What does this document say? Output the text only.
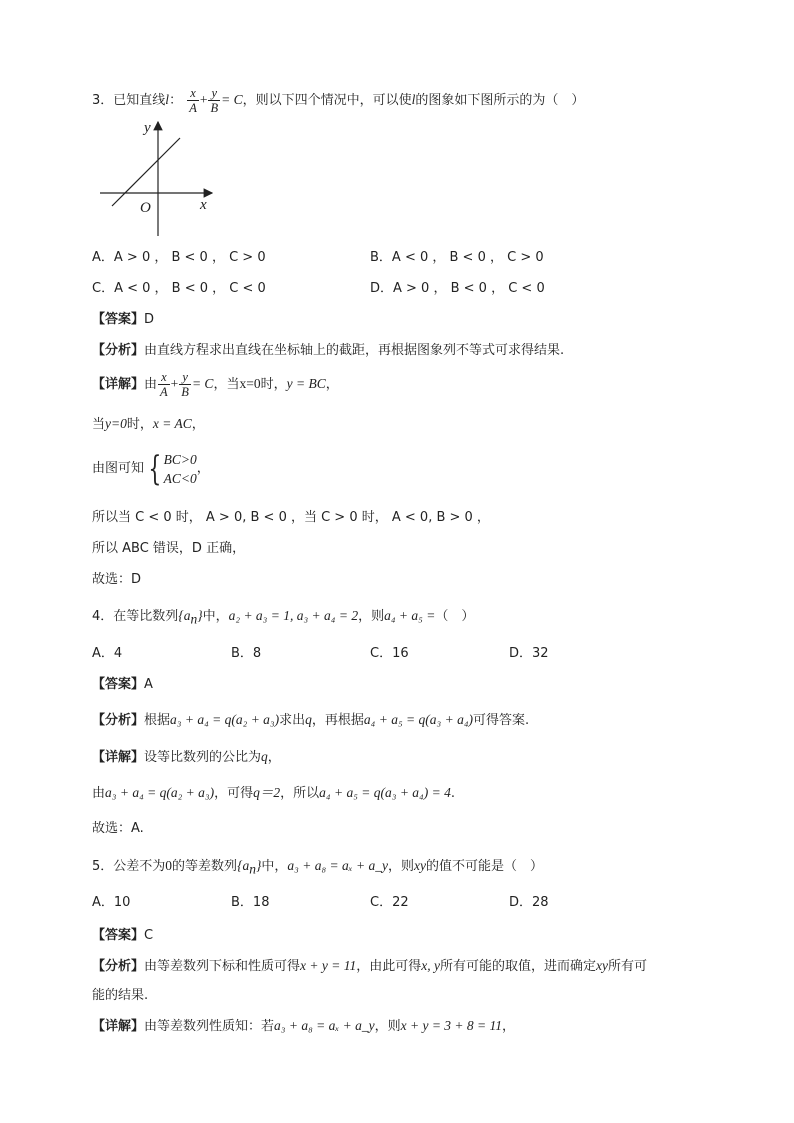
3．已知直线l： $\frac{x}{A} + \frac{y}{B} = C$，则以下四个情况中，可以使l的图象如下图所示的为（　）
y
x
O
A．A > 0 ， B < 0 ， C > 0	B．A < 0 ， B < 0 ， C > 0
C．A < 0 ， B < 0 ， C < 0	D．A > 0 ， B < 0 ， C < 0
【答案】D
【分析】由直线方程求出直线在坐标轴上的截距，再根据图象列不等式可求得结果.
【详解】由 $\frac{x}{A} + \frac{y}{B} = C$，当x=0时，y = BC，
当y=0时，x = AC，
由图可知 { BC>0
AC<0
，
所以当 C < 0 时， A > 0, B < 0 ，当 C > 0 时， A < 0, B > 0 ，
所以 ABC 错误，D 正确，
故选：D
4．在等比数列$\{a_n\}$中，a₂ + a₃ = 1, a₃ + a₄ = 2，则a₄ + a₅ =（　）
A．4	B．8	C．16	D．32
【答案】A
【分析】根据a₃ + a₄ = q(a₂ + a₃)求出q，再根据a₄ + a₅ = q(a₃ + a₄)可得答案.
【详解】设等比数列的公比为q，
由a₃ + a₄ = q(a₂ + a₃)，可得q＝2，所以a₄ + a₅ = q(a₃ + a₄) = 4.
故选：A.
5．公差不为0的等差数列$\{a_n\}$中，a₃ + a₈ = aₓ + a_y，则xy的值不可能是（　）
A．10	B．18	C．22	D．28
【答案】C
【分析】由等差数列下标和性质可得x + y = 11，由此可得x, y所有可能的取值，进而确定xy所有可
能的结果.
【详解】由等差数列性质知：若a₃ + a₈ = aₓ + a_y，则x + y = 3 + 8 = 11，
